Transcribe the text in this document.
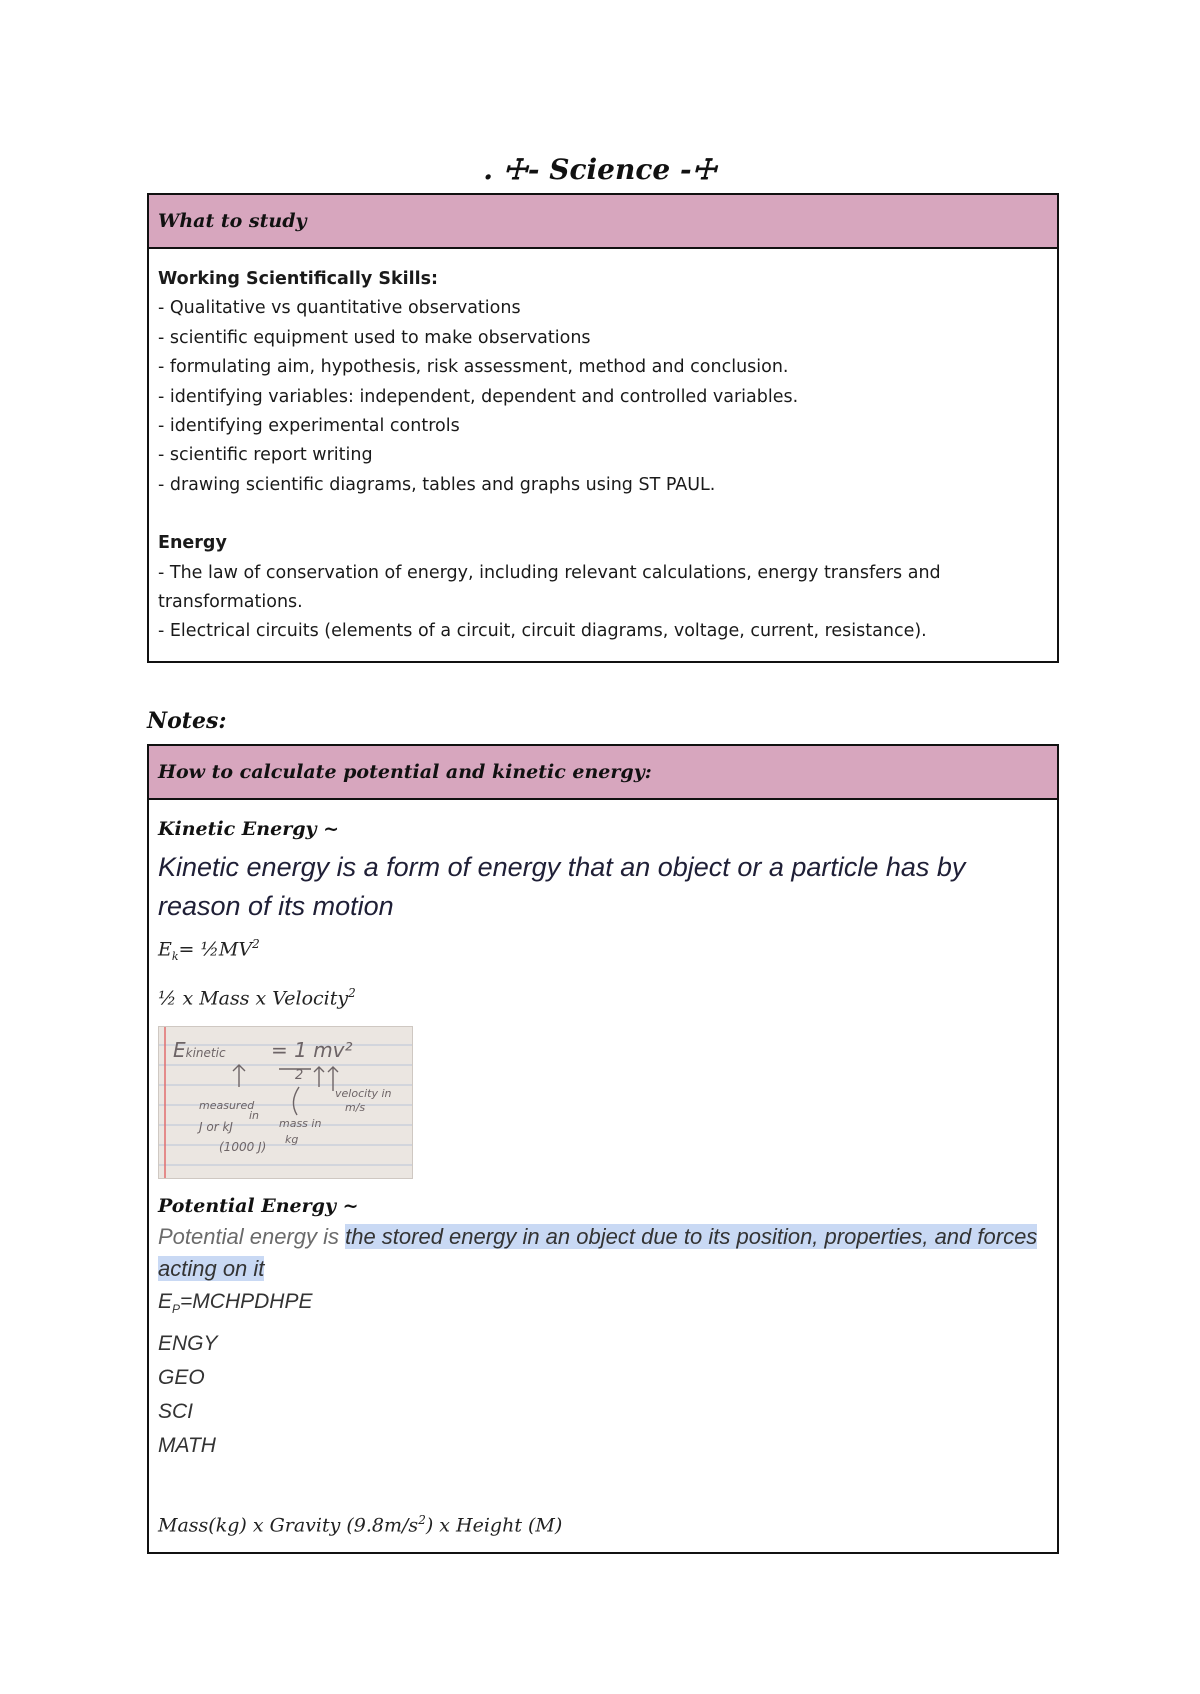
. ☩- Science -☩
What to study
Working Scientifically Skills:
- Qualitative vs quantitative observations
- scientific equipment used to make observations
- formulating aim, hypothesis, risk assessment, method and conclusion.
- identifying variables: independent, dependent and controlled variables.
- identifying experimental controls
- scientific report writing
- drawing scientific diagrams, tables and graphs using ST PAUL.
Energy
- The law of conservation of energy, including relevant calculations, energy transfers and transformations.
- Electrical circuits (elements of a circuit, circuit diagrams, voltage, current, resistance).
Notes:
How to calculate potential and kinetic energy:
Kinetic Energy ~
Kinetic energy is a form of energy that an object or a particle has by reason of its motion
$E_k=$ $\frac{1}{2}MV^2$
½ x Mass x Velocity$^2$
Ekinetic = 1 mv²
2
measured
in
J or kJ
(1000 J)
mass in
kg
velocity in
m/s
Potential Energy ~
Potential energy is the stored energy in an object due to its position, properties, and forces acting on it
$E_P=MCHPDHPE$
ENGY
GEO
SCI
MATH
Mass(kg) x Gravity $(9.8m/s^2)$ x Height (M)
